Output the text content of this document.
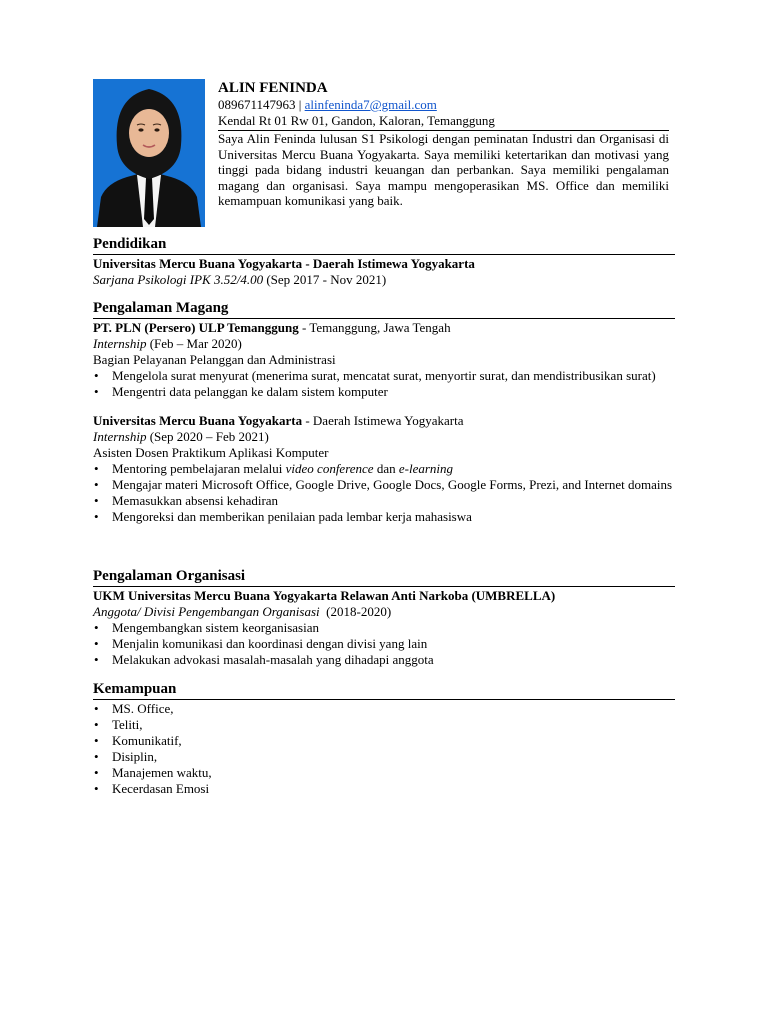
ALIN FENINDA
089671147963 | alinfeninda7@gmail.com
Kendal Rt 01 Rw 01, Gandon, Kaloran, Temanggung
Saya Alin Feninda lulusan S1 Psikologi dengan peminatan Industri dan Organisasi di Universitas Mercu Buana Yogyakarta. Saya memiliki ketertarikan dan motivasi yang tinggi pada bidang industri keuangan dan perbankan. Saya memiliki pengalaman magang dan organisasi. Saya mampu mengoperasikan MS. Office dan memiliki kemampuan komunikasi yang baik.
Pendidikan
Universitas Mercu Buana Yogyakarta - Daerah Istimewa Yogyakarta
Sarjana Psikologi IPK 3.52/4.00 (Sep 2017 - Nov 2021)
Pengalaman Magang
PT. PLN (Persero) ULP Temanggung - Temanggung, Jawa Tengah
Internship (Feb – Mar 2020)
Bagian Pelayanan Pelanggan dan Administrasi
• Mengelola surat menyurat (menerima surat, mencatat surat, menyortir surat, dan mendistribusikan surat)
• Mengentri data pelanggan ke dalam sistem komputer
Universitas Mercu Buana Yogyakarta - Daerah Istimewa Yogyakarta
Internship (Sep 2020 – Feb 2021)
Asisten Dosen Praktikum Aplikasi Komputer
• Mentoring pembelajaran melalui video conference dan e-learning
• Mengajar materi Microsoft Office, Google Drive, Google Docs, Google Forms, Prezi, and Internet domains
• Memasukkan absensi kehadiran
• Mengoreksi dan memberikan penilaian pada lembar kerja mahasiswa
Pengalaman Organisasi
UKM Universitas Mercu Buana Yogyakarta Relawan Anti Narkoba (UMBRELLA)
Anggota/ Divisi Pengembangan Organisasi  (2018-2020)
• Mengembangkan sistem keorganisasian
• Menjalin komunikasi dan koordinasi dengan divisi yang lain
• Melakukan advokasi masalah-masalah yang dihadapi anggota
Kemampuan
• MS. Office,
• Teliti,
• Komunikatif,
• Disiplin,
• Manajemen waktu,
• Kecerdasan Emosi
